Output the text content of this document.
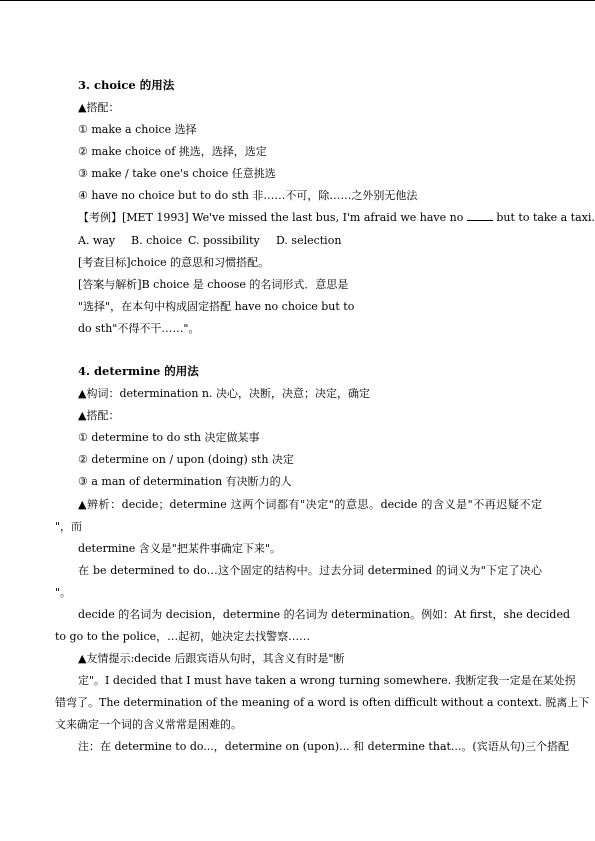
3. choice 的用法
▲搭配：
① make a choice 选择
② make choice of 挑选，选择，选定
③ make / take one's choice 任意挑选
④ have no choice but to do sth 非……不可，除……之外别无他法
【考例】[MET 1993] We've missed the last bus, I'm afraid we have no	but to take a taxi.
A. way B. choice C. possibility D. selection
[考查目标]choice 的意思和习惯搭配。
[答案与解析]B choice 是 choose 的名词形式．意思是
"选择"，在本句中构成固定搭配 have no choice but to
do sth"不得不干……"。
4. determine 的用法
▲构词：determination n. 决心，决断，决意；决定，确定
▲搭配：
① determine to do sth 决定做某事
② determine on / upon (doing) sth 决定
③ a man of determination 有决断力的人
▲辨析：decide；determine 这两个词都有"决定"的意思。decide 的含义是"不再迟疑不定
"，而
determine 含义是"把某件事确定下来"。
在 be determined to do…这个固定的结构中。过去分词 determined 的词义为"下定了决心
"。
decide 的名词为 decision，determine 的名词为 determination。例如：At first，she decided
to go to the police，…起初，她决定去找警察……
▲友情提示:decide 后跟宾语从句时，其含义有时是"断
定"。I decided that I must have taken a wrong turning somewhere. 我断定我一定是在某处拐
错弯了。The determination of the meaning of a word is often difficult without a context. 脱离上下
文来确定一个词的含义常常是困难的。
注：在 determine to do...，determine on (upon)... 和 determine that...。(宾语从句)三个搭配
